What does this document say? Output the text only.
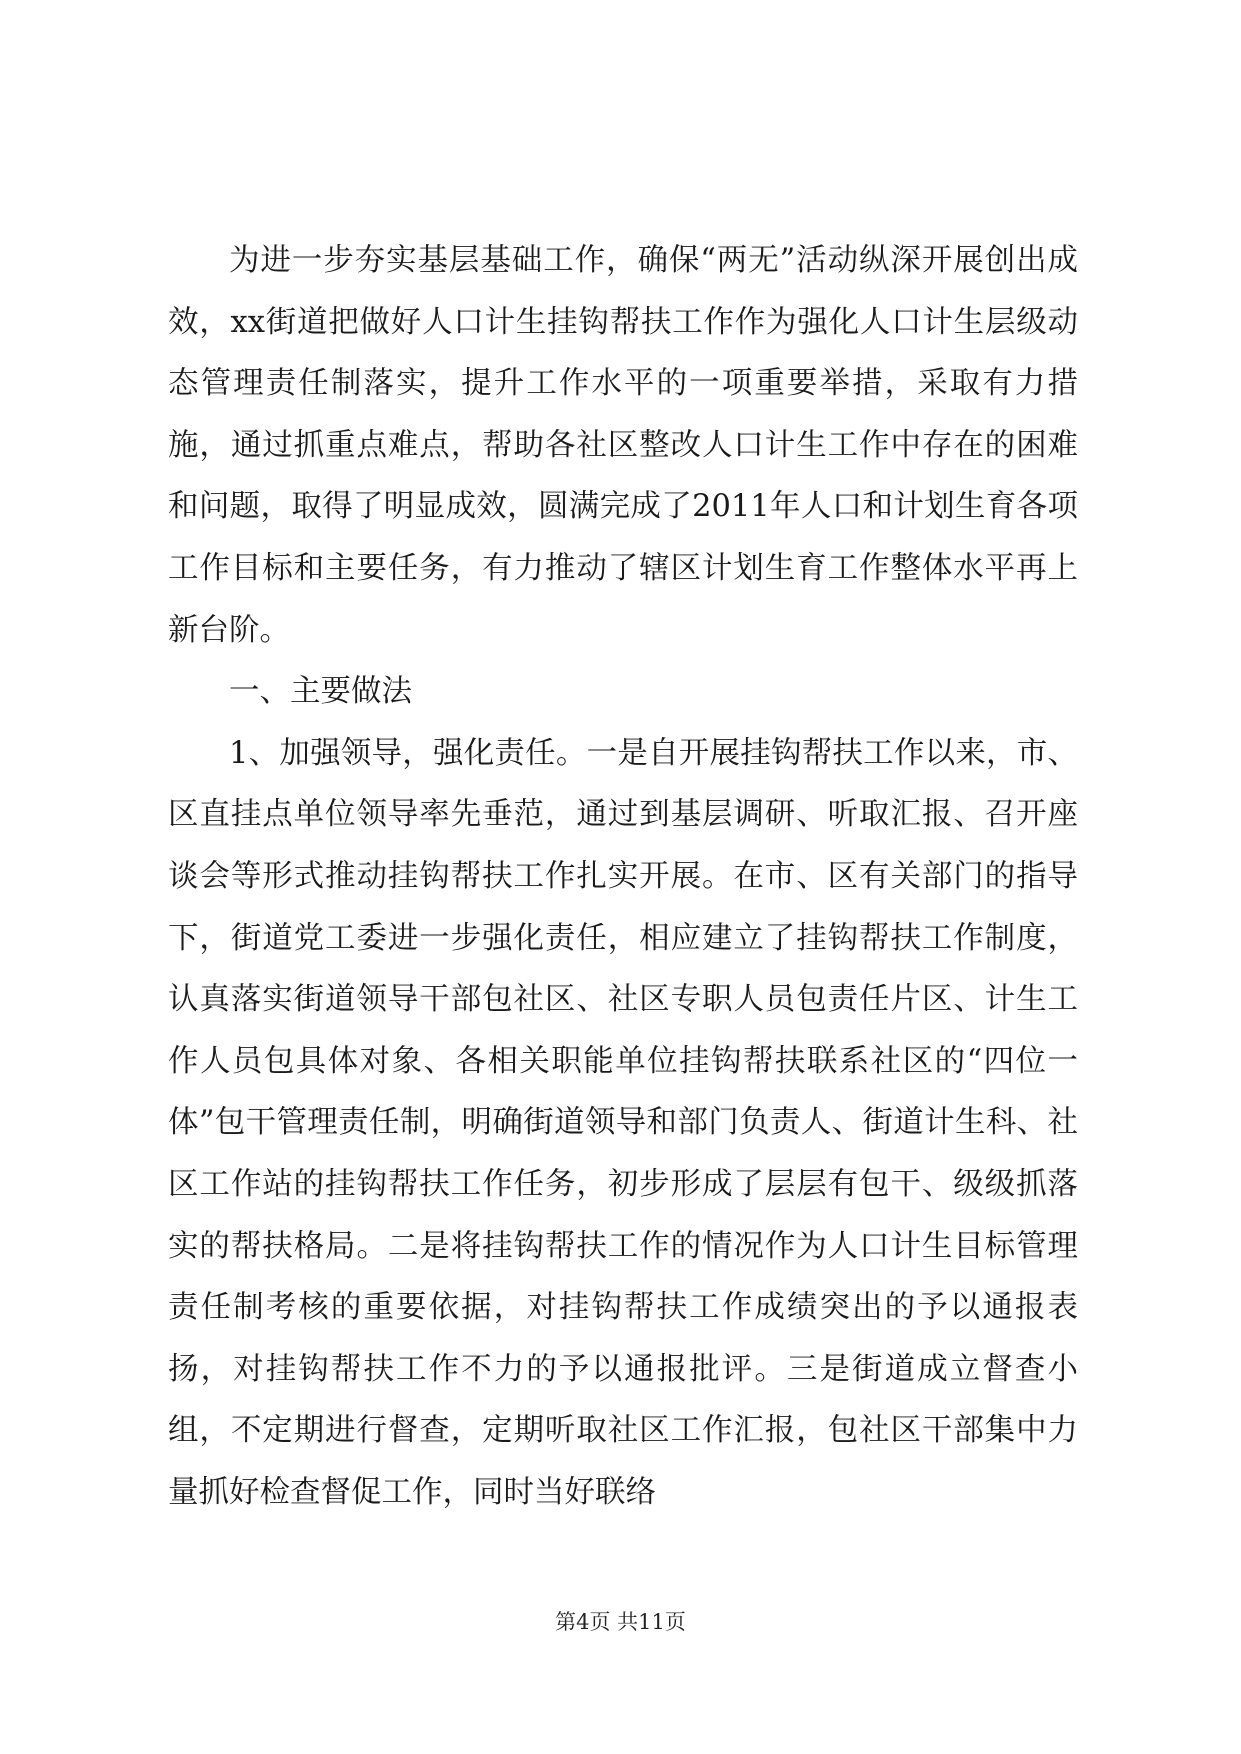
为进一步夯实基层基础工作，确保“两无”活动纵深开展创出成效，xx街道把做好人口计生挂钩帮扶工作作为强化人口计生层级动态管理责任制落实，提升工作水平的一项重要举措，采取有力措施，通过抓重点难点，帮助各社区整改人口计生工作中存在的困难和问题，取得了明显成效，圆满完成了2011年人口和计划生育各项工作目标和主要任务，有力推动了辖区计划生育工作整体水平再上新台阶。

一、主要做法

1、加强领导，强化责任。一是自开展挂钩帮扶工作以来，市、区直挂点单位领导率先垂范，通过到基层调研、听取汇报、召开座谈会等形式推动挂钩帮扶工作扎实开展。在市、区有关部门的指导下，街道党工委进一步强化责任，相应建立了挂钩帮扶工作制度，认真落实街道领导干部包社区、社区专职人员包责任片区、计生工作人员包具体对象、各相关职能单位挂钩帮扶联系社区的“四位一体”包干管理责任制，明确街道领导和部门负责人、街道计生科、社区工作站的挂钩帮扶工作任务，初步形成了层层有包干、级级抓落实的帮扶格局。二是将挂钩帮扶工作的情况作为人口计生目标管理责任制考核的重要依据，对挂钩帮扶工作成绩突出的予以通报表扬，对挂钩帮扶工作不力的予以通报批评。三是街道成立督查小组，不定期进行督查，定期听取社区工作汇报，包社区干部集中力量抓好检查督促工作，同时当好联络

第4页 共11页
